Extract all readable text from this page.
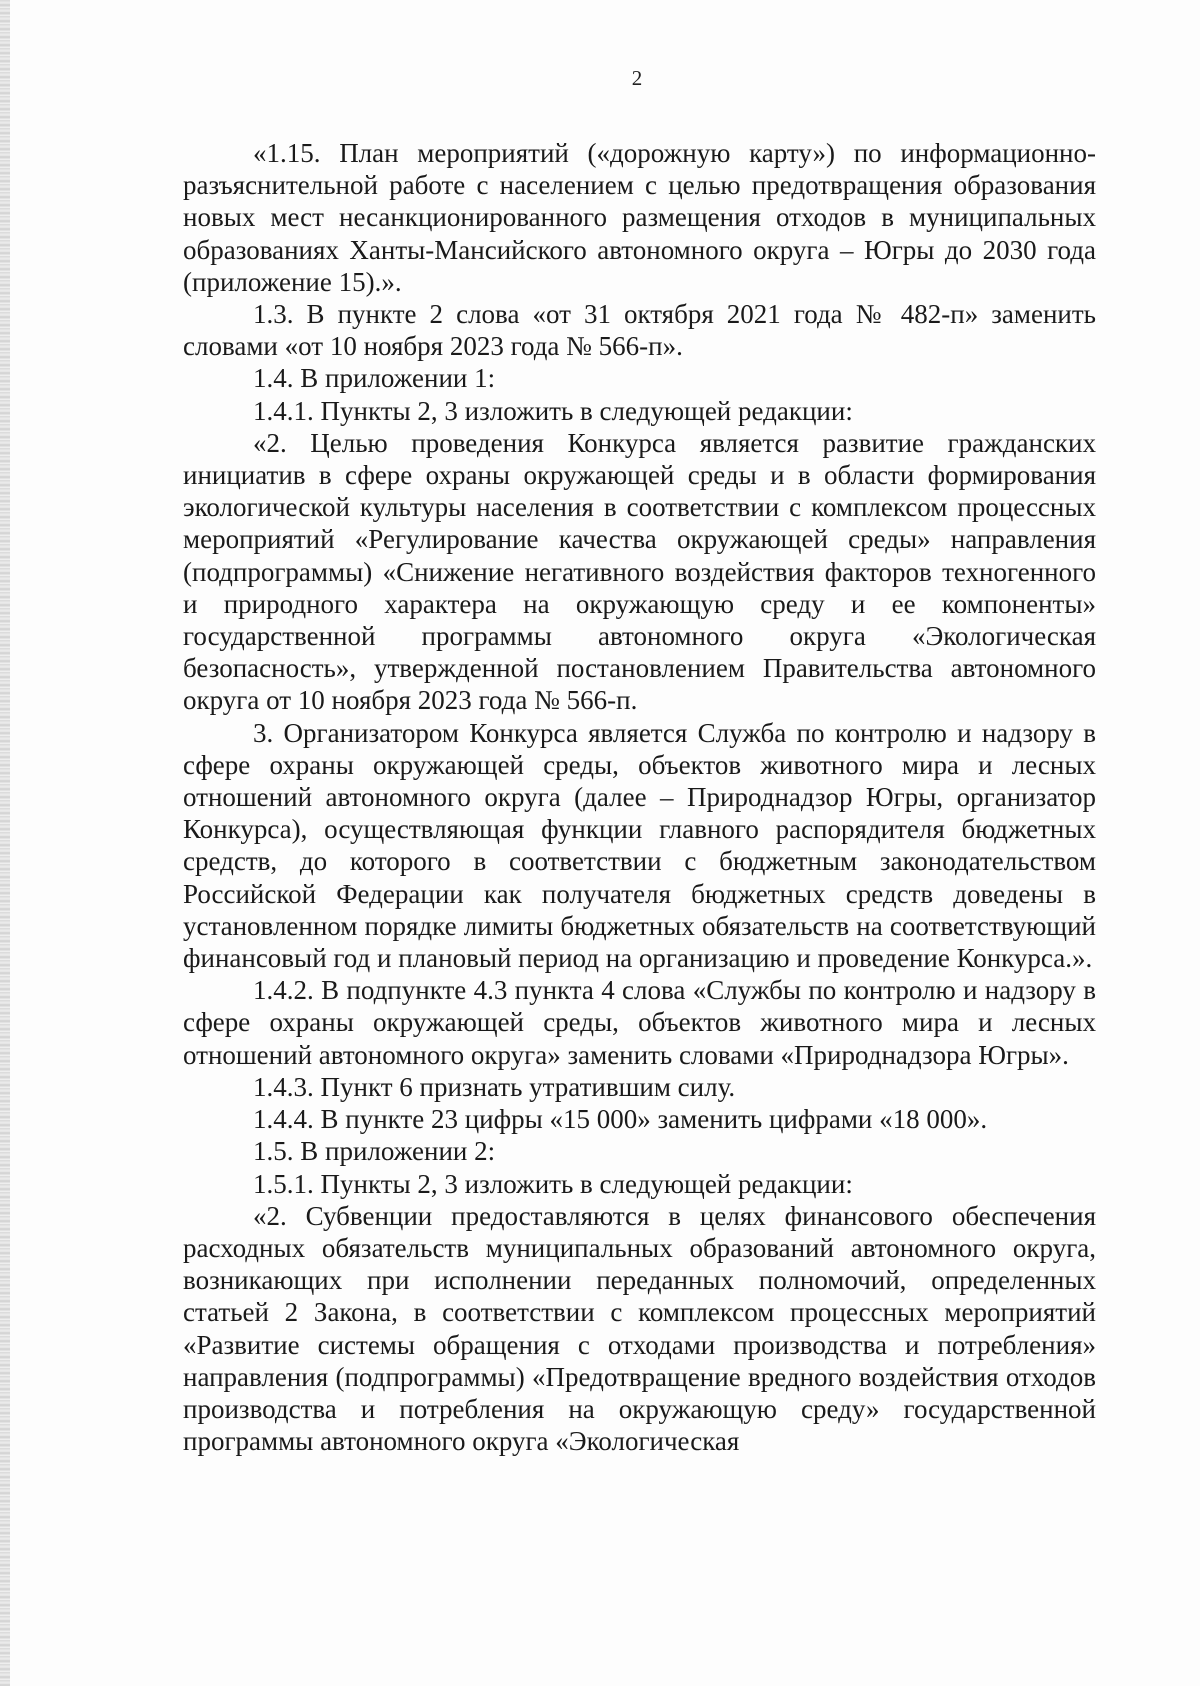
2

«1.15. План мероприятий («дорожную карту») по информационно-разъяснительной работе с населением с целью предотвращения образования новых мест несанкционированного размещения отходов в муниципальных образованиях Ханты-Мансийского автономного округа – Югры до 2030 года (приложение 15).».

1.3. В пункте 2 слова «от 31 октября 2021 года № 482-п» заменить словами «от 10 ноября 2023 года № 566-п».

1.4. В приложении 1:

1.4.1. Пункты 2, 3 изложить в следующей редакции:

«2. Целью проведения Конкурса является развитие гражданских инициатив в сфере охраны окружающей среды и в области формирования экологической культуры населения в соответствии с комплексом процессных мероприятий «Регулирование качества окружающей среды» направления (подпрограммы) «Снижение негативного воздействия факторов техногенного и природного характера на окружающую среду и ее компоненты» государственной программы автономного округа «Экологическая безопасность», утвержденной постановлением Правительства автономного округа от 10 ноября 2023 года № 566-п.

3. Организатором Конкурса является Служба по контролю и надзору в сфере охраны окружающей среды, объектов животного мира и лесных отношений автономного округа (далее – Природнадзор Югры, организатор Конкурса), осуществляющая функции главного распорядителя бюджетных средств, до которого в соответствии с бюджетным законодательством Российской Федерации как получателя бюджетных средств доведены в установленном порядке лимиты бюджетных обязательств на соответствующий финансовый год и плановый период на организацию и проведение Конкурса.».

1.4.2. В подпункте 4.3 пункта 4 слова «Службы по контролю и надзору в сфере охраны окружающей среды, объектов животного мира и лесных отношений автономного округа» заменить словами «Природнадзора Югры».

1.4.3. Пункт 6 признать утратившим силу.

1.4.4. В пункте 23 цифры «15 000» заменить цифрами «18 000».

1.5. В приложении 2:

1.5.1. Пункты 2, 3 изложить в следующей редакции:

«2. Субвенции предоставляются в целях финансового обеспечения расходных обязательств муниципальных образований автономного округа, возникающих при исполнении переданных полномочий, определенных статьей 2 Закона, в соответствии с комплексом процессных мероприятий «Развитие системы обращения с отходами производства и потребления» направления (подпрограммы) «Предотвращение вредного воздействия отходов производства и потребления на окружающую среду» государственной программы автономного округа «Экологическая
